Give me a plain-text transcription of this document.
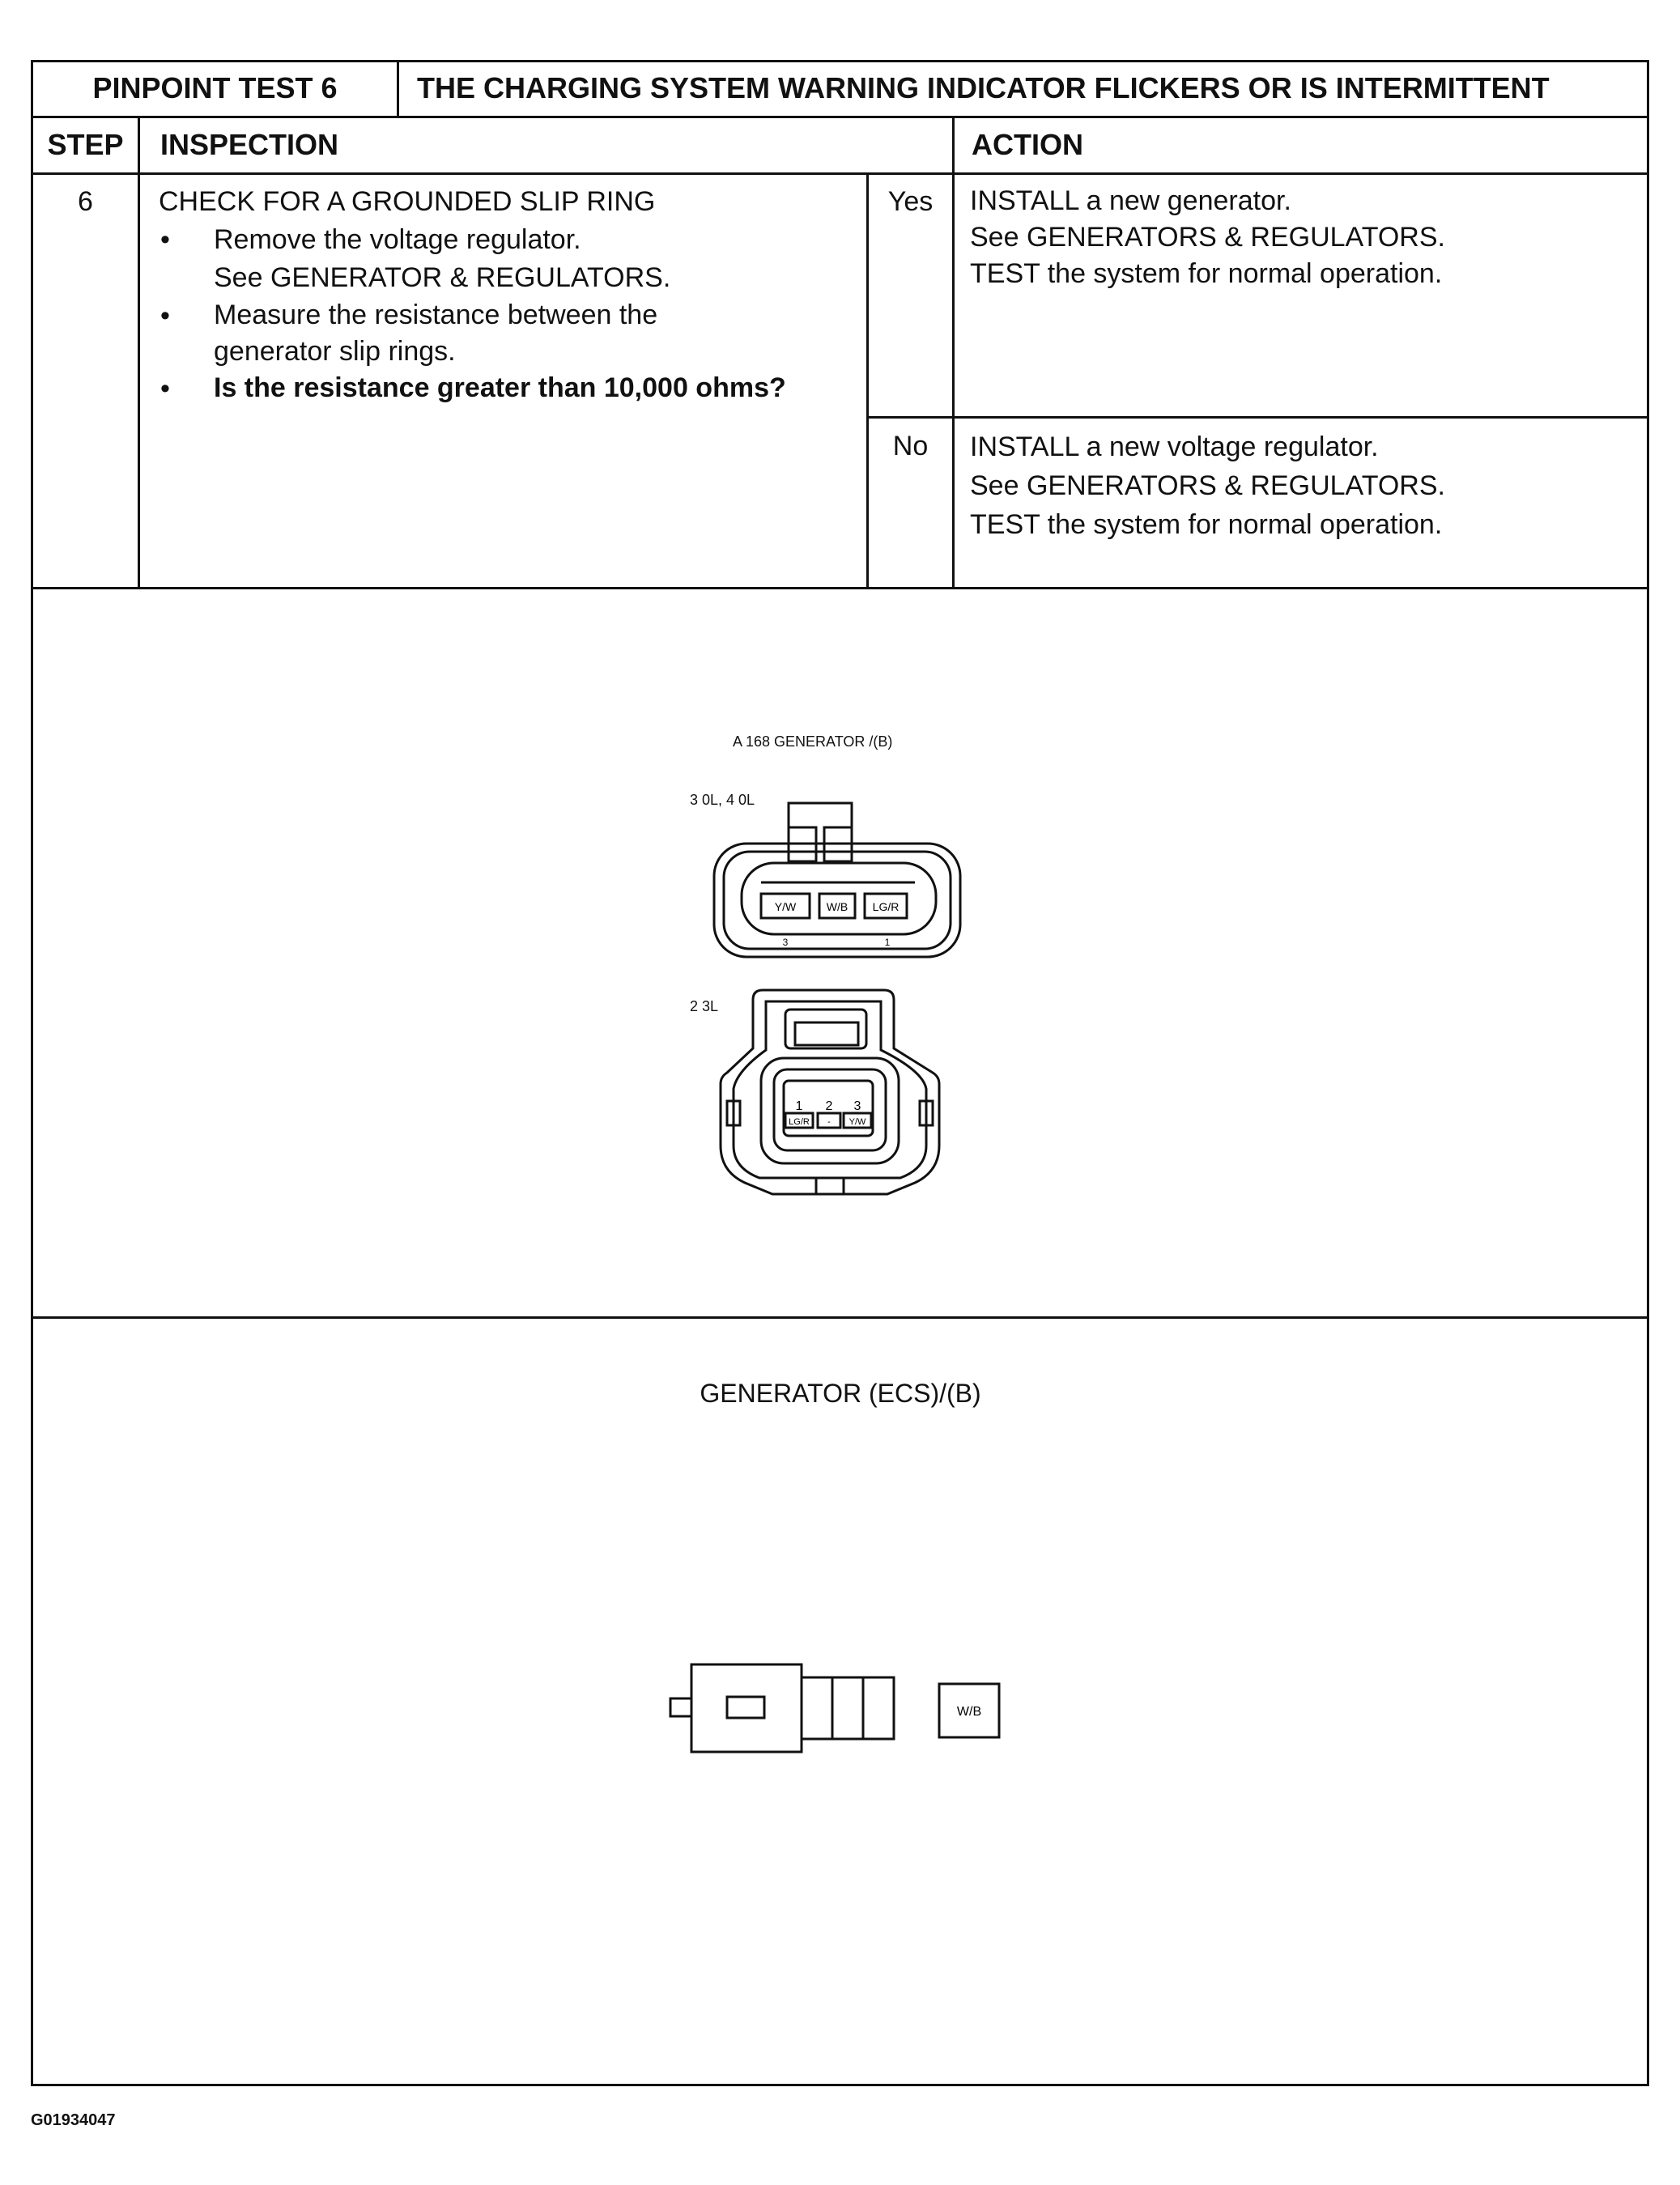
PINPOINT TEST 6	THE CHARGING SYSTEM WARNING INDICATOR FLICKERS OR IS INTERMITTENT
STEP	INSPECTION	ACTION
6	CHECK FOR A GROUNDED SLIP RING
•	Remove the voltage regulator.
See GENERATOR & REGULATORS.
•	Measure the resistance between the generator slip rings.
•	Is the resistance greater than 10,000 ohms?
Yes	INSTALL a new generator.
See GENERATORS & REGULATORS.
TEST the system for normal operation.
No	INSTALL a new voltage regulator.
See GENERATORS & REGULATORS.
TEST the system for normal operation.
A 168 GENERATOR /(B)
3 0L, 4 0L
2 3L
Y/W	W/B LG/R
3	1
1 2 3
LG/R - Y/W
GENERATOR (ECS)/(B)
W/B
G01934047
